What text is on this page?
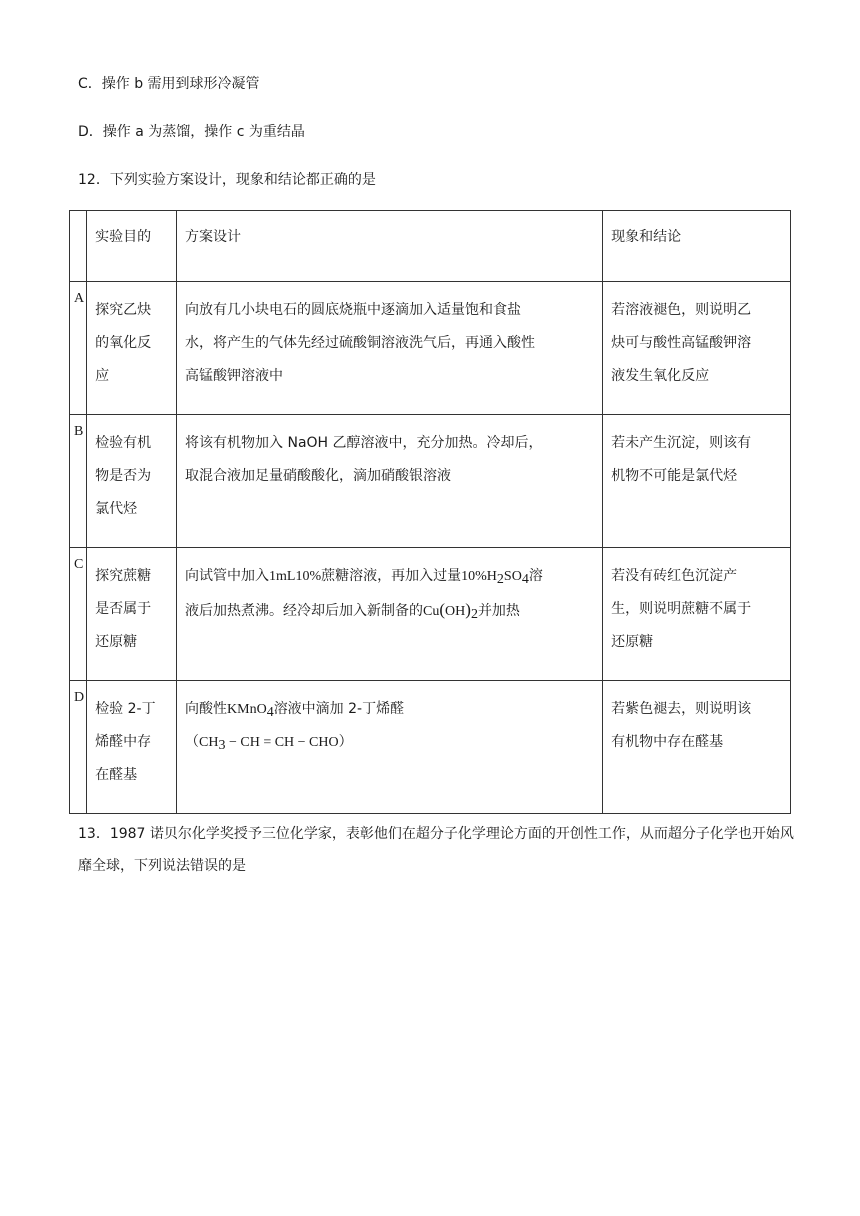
C．操作 b 需用到球形冷凝管
D．操作 a 为蒸馏，操作 c 为重结晶
12．下列实验方案设计，现象和结论都正确的是
	实验目的	方案设计	现象和结论
A	探究乙炔
的氧化反
应	向放有几小块电石的圆底烧瓶中逐滴加入适量饱和食盐
水，将产生的气体先经过硫酸铜溶液洗气后，再通入酸性
高锰酸钾溶液中	若溶液褪色，则说明乙
炔可与酸性高锰酸钾溶
液发生氧化反应

B	检验有机
物是否为
氯代烃	将该有机物加入 NaOH 乙醇溶液中，充分加热。冷却后，
取混合液加足量硝酸酸化，滴加硝酸银溶液	若未产生沉淀，则该有
机物不可能是氯代烃

C	探究蔗糖
是否属于
还原糖	向试管中加入1mL10%蔗糖溶液，再加入过量$10\%H_2SO_4$溶
液后加热煮沸。经冷却后加入新制备的$Cu(OH)_2$并加热	若没有砖红色沉淀产
生，则说明蔗糖不属于
还原糖

D	检验 2-丁
烯醛中存
在醛基	向酸性KMnO$_4$溶液中滴加 2-丁烯醛
（$CH_3$ − CH = CH − CHO）	若紫色褪去，则说明该
有机物中存在醛基
13．1987 诺贝尔化学奖授予三位化学家，表彰他们在超分子化学理论方面的开创性工作，从而超分子化学也开始风靡全球，下列说法错误的是
